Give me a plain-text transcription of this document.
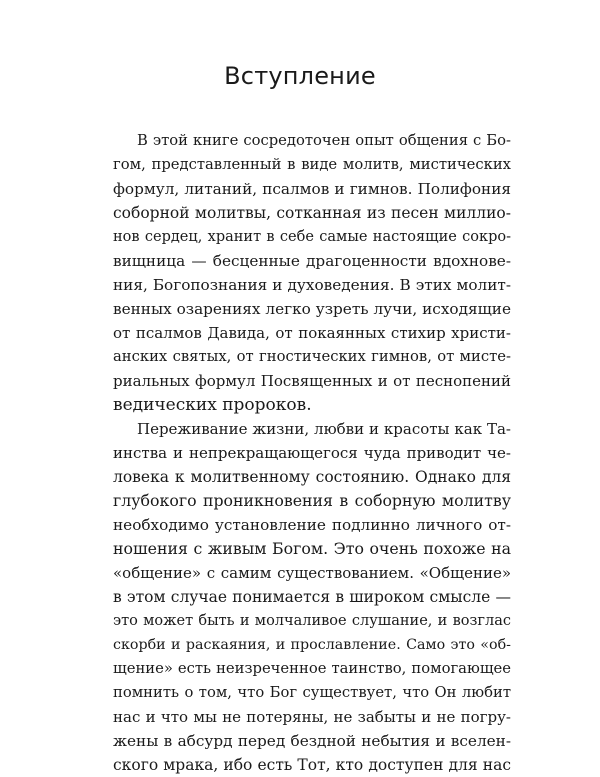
Вступление
В этой книге сосредоточен опыт общения с Бо-
гом, представленный в виде молитв, мистических
формул, литаний, псалмов и гимнов. Полифония
соборной молитвы, сотканная из песен миллио-
нов сердец, хранит в себе самые настоящие сокро-
вищница — бесценные драгоценности вдохнове-
ния, Богопознания и духоведения. В этих молит-
венных озарениях легко узреть лучи, исходящие
от псалмов Давида, от покаянных стихир христи-
анских святых, от гностических гимнов, от мисте-
риальных формул Посвященных и от песнопений
ведических пророков.
Переживание жизни, любви и красоты как Та-
инства и непрекращающегося чуда приводит че-
ловека к молитвенному состоянию. Однако для
глубокого проникновения в соборную молитву
необходимо установление подлинно личного от-
ношения с живым Богом. Это очень похоже на
«общение» с самим существованием. «Общение»
в этом случае понимается в широком смысле —
это может быть и молчаливое слушание, и возглас
скорби и раскаяния, и прославление. Само это «об-
щение» есть неизреченное таинство, помогающее
помнить о том, что Бог существует, что Он любит
нас и что мы не потеряны, не забыты и не погру-
жены в абсурд перед бездной небытия и вселен-
ского мрака, ибо есть Тот, кто доступен для нас
